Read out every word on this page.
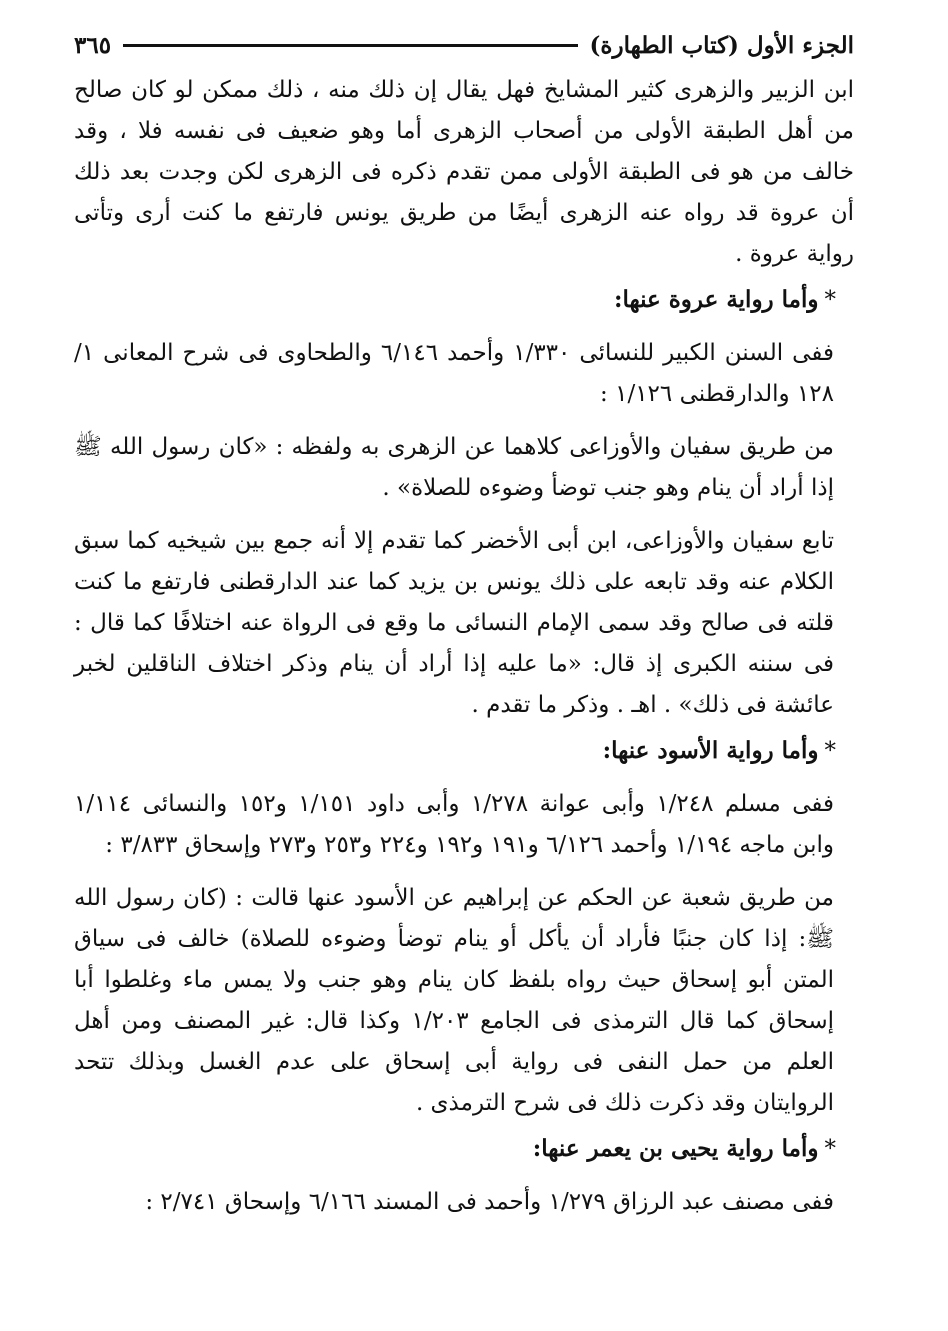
الجزء الأول (كتاب الطهارة)
٣٦٥

ابن الزبير والزهرى كثير المشايخ فهل يقال إن ذلك منه ، ذلك ممكن لو كان صالح من أهل الطبقة الأولى من أصحاب الزهرى أما وهو ضعيف فى نفسه فلا ، وقد خالف من هو فى الطبقة الأولى ممن تقدم ذكره فى الزهرى لكن وجدت بعد ذلك أن عروة قد رواه عنه الزهرى أيضًا من طريق يونس فارتفع ما كنت أرى وتأتى رواية عروة .

*وأما رواية عروة عنها:

ففى السنن الكبير للنسائى ١/٣٣٠ وأحمد ٦/١٤٦ والطحاوى فى شرح المعانى ١/ ١٢٨ والدارقطنى ١/١٢٦ :

من طريق سفيان والأوزاعى كلاهما عن الزهرى به ولفظه : «كان رسول الله ﷺ إذا أراد أن ينام وهو جنب توضأ وضوءه للصلاة» .

تابع سفيان والأوزاعى، ابن أبى الأخضر كما تقدم إلا أنه جمع بين شيخيه كما سبق الكلام عنه وقد تابعه على ذلك يونس بن يزيد كما عند الدارقطنى فارتفع ما كنت قلته فى صالح وقد سمى الإمام النسائى ما وقع فى الرواة عنه اختلافًا كما قال : فى سننه الكبرى إذ قال: «ما عليه إذا أراد أن ينام وذكر اختلاف الناقلين لخبر عائشة فى ذلك» . اهـ . وذكر ما تقدم .

*وأما رواية الأسود عنها:

ففى مسلم ١/٢٤٨ وأبى عوانة ١/٢٧٨ وأبى داود ١/١٥١ و١٥٢ والنسائى ١/١١٤ وابن ماجه ١/١٩٤ وأحمد ٦/١٢٦ و١٩١ و١٩٢ و٢٢٤ و٢٥٣ و٢٧٣ وإسحاق ٣/٨٣٣ :

من طريق شعبة عن الحكم عن إبراهيم عن الأسود عنها قالت : (كان رسول الله ﷺ: إذا كان جنبًا فأراد أن يأكل أو ينام توضأ وضوءه للصلاة) خالف فى سياق المتن أبو إسحاق حيث رواه بلفظ كان ينام وهو جنب ولا يمس ماء وغلطوا أبا إسحاق كما قال الترمذى فى الجامع ١/٢٠٣ وكذا قال: غير المصنف ومن أهل العلم من حمل النفى فى رواية أبى إسحاق على عدم الغسل وبذلك تتحد الروايتان وقد ذكرت ذلك فى شرح الترمذى .

*وأما رواية يحيى بن يعمر عنها:

ففى مصنف عبد الرزاق ١/٢٧٩ وأحمد فى المسند ٦/١٦٦ وإسحاق ٢/٧٤١ :
